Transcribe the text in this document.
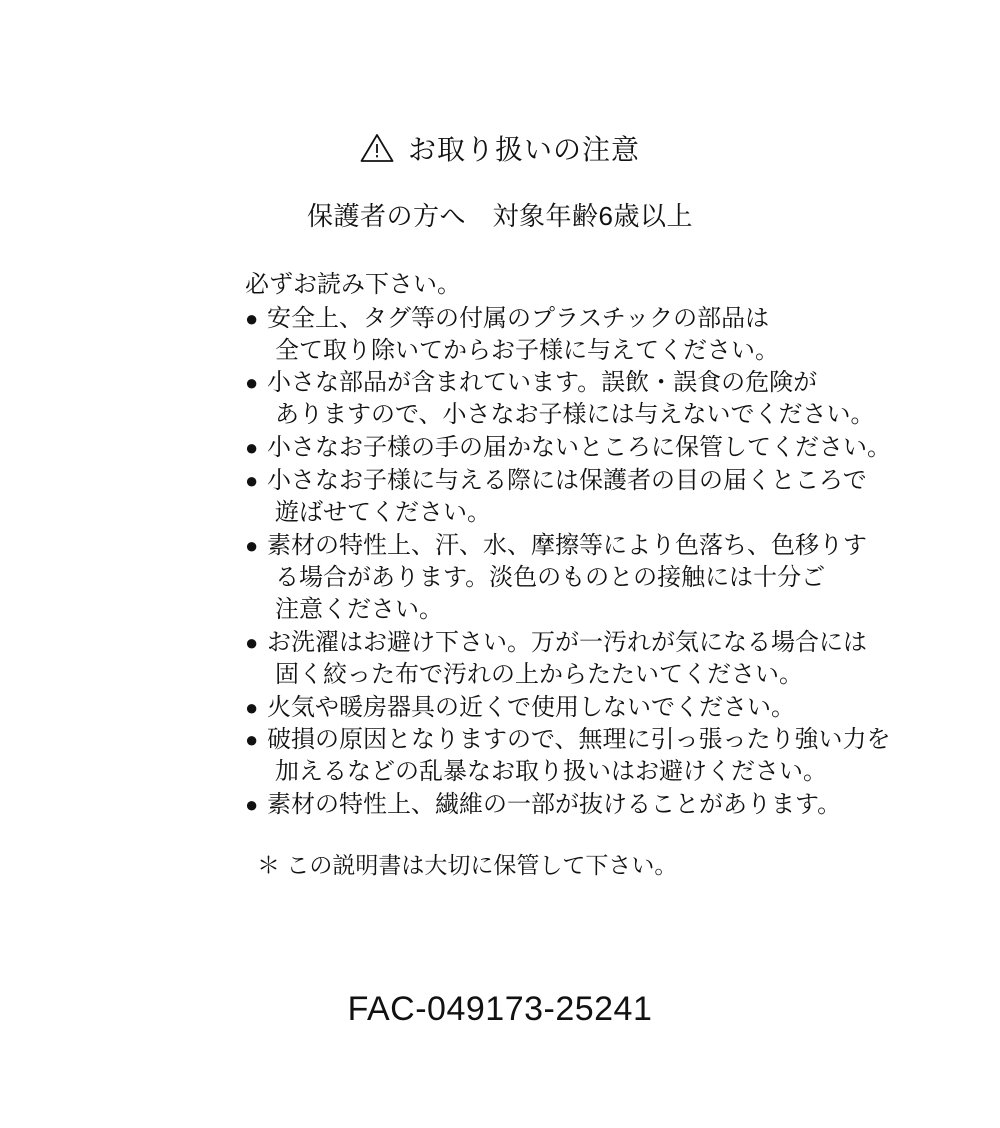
お取り扱いの注意
保護者の方へ　対象年齢6歳以上
必ずお読み下さい。
● 安全上、タグ等の付属のプラスチックの部品は
全て取り除いてからお子様に与えてください。
● 小さな部品が含まれています。誤飲・誤食の危険が
ありますので、小さなお子様には与えないでください。
● 小さなお子様の手の届かないところに保管してください。
● 小さなお子様に与える際には保護者の目の届くところで
遊ばせてください。
● 素材の特性上、汗、水、摩擦等により色落ち、色移りす
る場合があります。淡色のものとの接触には十分ご
注意ください。
● お洗濯はお避け下さい。万が一汚れが気になる場合には
固く絞った布で汚れの上からたたいてください。
● 火気や暖房器具の近くで使用しないでください。
● 破損の原因となりますので、無理に引っ張ったり強い力を
加えるなどの乱暴なお取り扱いはお避けください。
● 素材の特性上、繊維の一部が抜けることがあります。
＊ この説明書は大切に保管して下さい。
FAC-049173-25241
